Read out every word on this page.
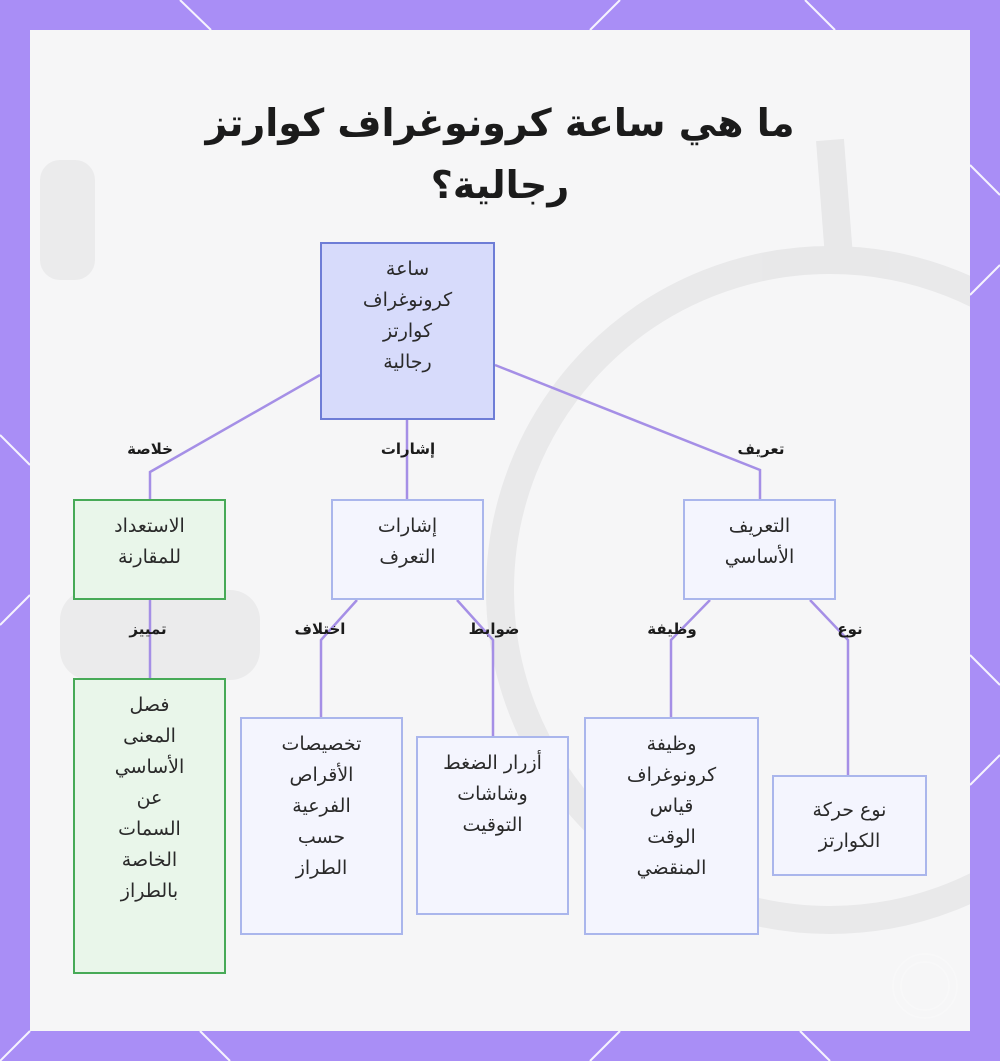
ما هي ساعة كرونوغراف كوارتز
رجالية؟
خلاصة	إشارات	تعريف
نوع
وظيفة
ضوابط
اختلاف
تمييز
ساعة
كرونوغراف
كوارتز
رجالية
التعريف
الأساسي
إشارات
التعرف
الاستعداد
للمقارنة
نوع حركة
الكوارتز
وظيفة
كرونوغراف
قياس
الوقت
المنقضي
أزرار الضغط
وشاشات
التوقيت
تخصيصات
الأقراص
الفرعية
حسب
الطراز
فصل
المعنى
الأساسي
عن
السمات
الخاصة
بالطراز
